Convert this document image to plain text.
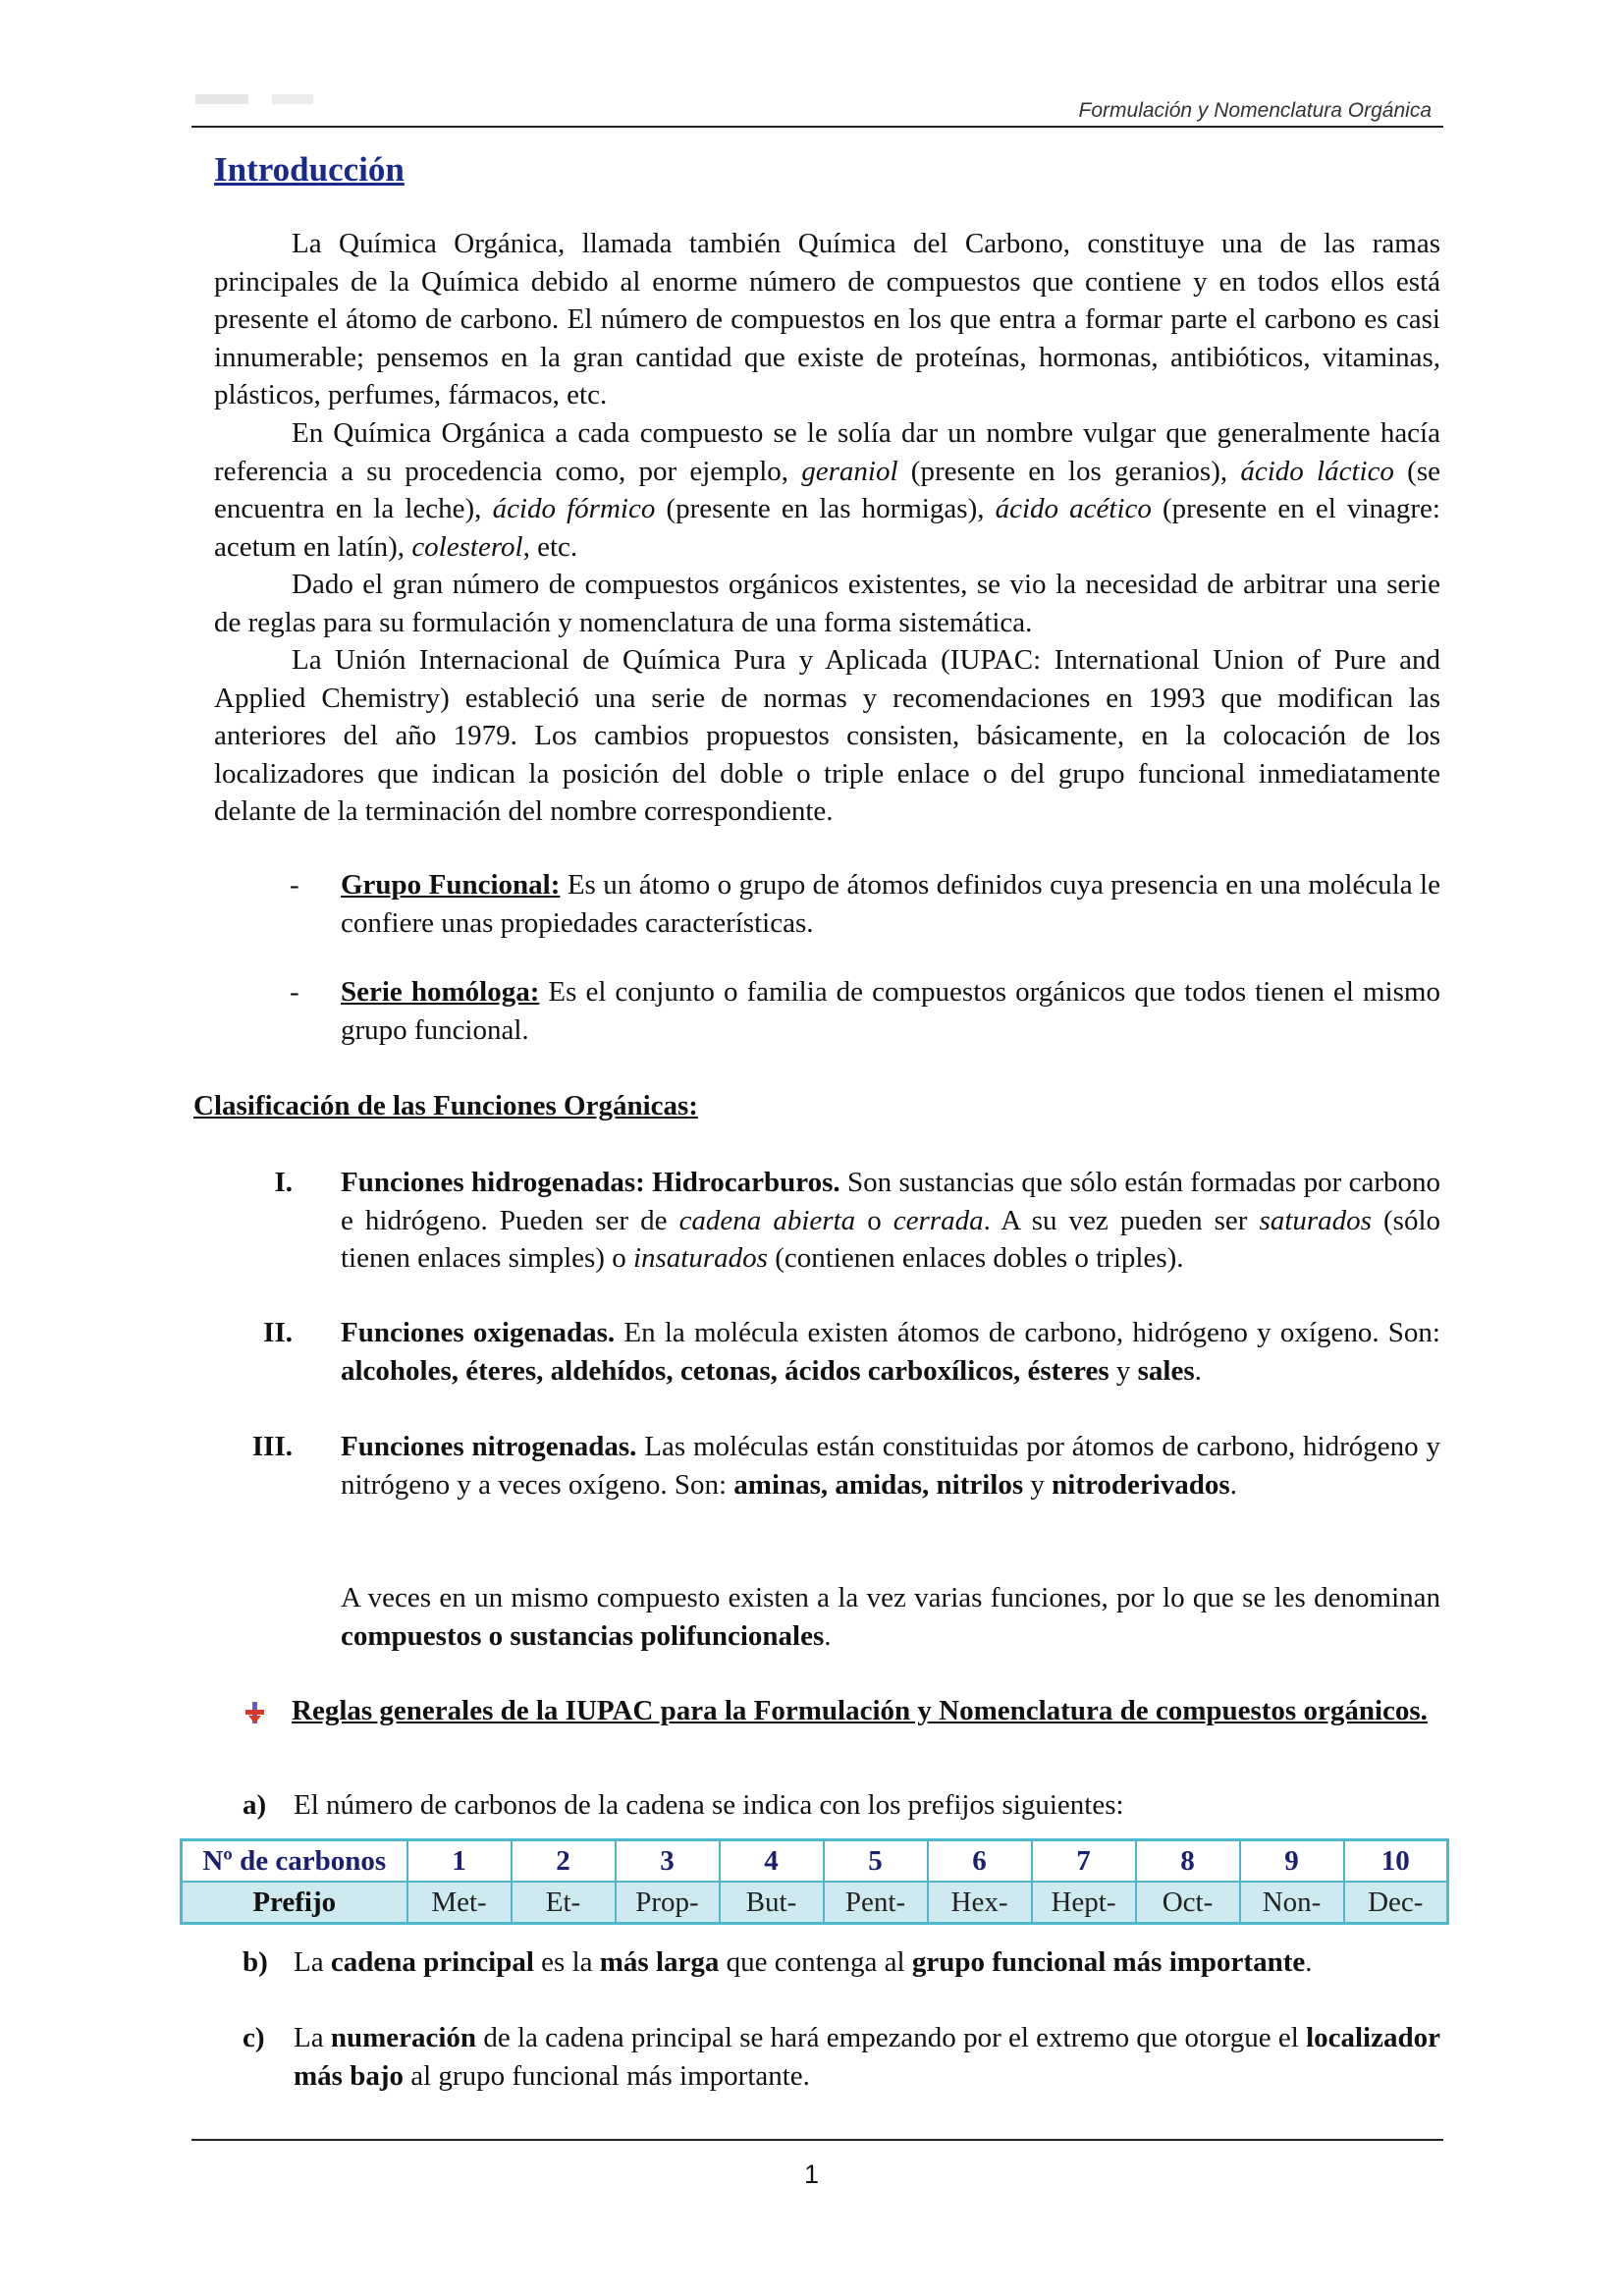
Formulación y Nomenclatura Orgánica
Introducción

La Química Orgánica, llamada también Química del Carbono, constituye una de las ramas principales de la Química debido al enorme número de compuestos que contiene y en todos ellos está presente el átomo de carbono. El número de compuestos en los que entra a formar parte el carbono es casi innumerable; pensemos en la gran cantidad que existe de proteínas, hormonas, antibióticos, vitaminas, plásticos, perfumes, fármacos, etc.

En Química Orgánica a cada compuesto se le solía dar un nombre vulgar que generalmente hacía referencia a su procedencia como, por ejemplo, geraniol (presente en los geranios), ácido láctico (se encuentra en la leche), ácido fórmico (presente en las hormigas), ácido acético (presente en el vinagre: acetum en latín), colesterol, etc.

Dado el gran número de compuestos orgánicos existentes, se vio la necesidad de arbitrar una serie de reglas para su formulación y nomenclatura de una forma sistemática.

La Unión Internacional de Química Pura y Aplicada (IUPAC: International Union of Pure and Applied Chemistry) estableció una serie de normas y recomendaciones en 1993 que modifican las anteriores del año 1979. Los cambios propuestos consisten, básicamente, en la colocación de los localizadores que indican la posición del doble o triple enlace o del grupo funcional inmediatamente delante de la terminación del nombre correspondiente.

- Grupo Funcional: Es un átomo o grupo de átomos definidos cuya presencia en una molécula le confiere unas propiedades características.

- Serie homóloga: Es el conjunto o familia de compuestos orgánicos que todos tienen el mismo grupo funcional.

Clasificación de las Funciones Orgánicas:
I. Funciones hidrogenadas: Hidrocarburos. Son sustancias que sólo están formadas por carbono e hidrógeno. Pueden ser de cadena abierta o cerrada. A su vez pueden ser saturados (sólo tienen enlaces simples) o insaturados (contienen enlaces dobles o triples).

II. Funciones oxigenadas. En la molécula existen átomos de carbono, hidrógeno y oxígeno. Son: alcoholes, éteres, aldehídos, cetonas, ácidos carboxílicos, ésteres y sales.

III. Funciones nitrogenadas. Las moléculas están constituidas por átomos de carbono, hidrógeno y nitrógeno y a veces oxígeno. Son: aminas, amidas, nitrilos y nitroderivados.

A veces en un mismo compuesto existen a la vez varias funciones, por lo que se les denominan compuestos o sustancias polifuncionales.

Reglas generales de la IUPAC para la Formulación y Nomenclatura de compuestos orgánicos.

a) El número de carbonos de la cadena se indica con los prefijos siguientes:

Nº de carbonos	1	2	3	4	5	6	7	8	9	10
Prefijo	Met-	Et-	Prop-	But-	Pent-	Hex-	Hept-	Oct-	Non-	Dec-
b) La cadena principal es la más larga que contenga al grupo funcional más importante.

c) La numeración de la cadena principal se hará empezando por el extremo que otorgue el localizador más bajo al grupo funcional más importante.

1
